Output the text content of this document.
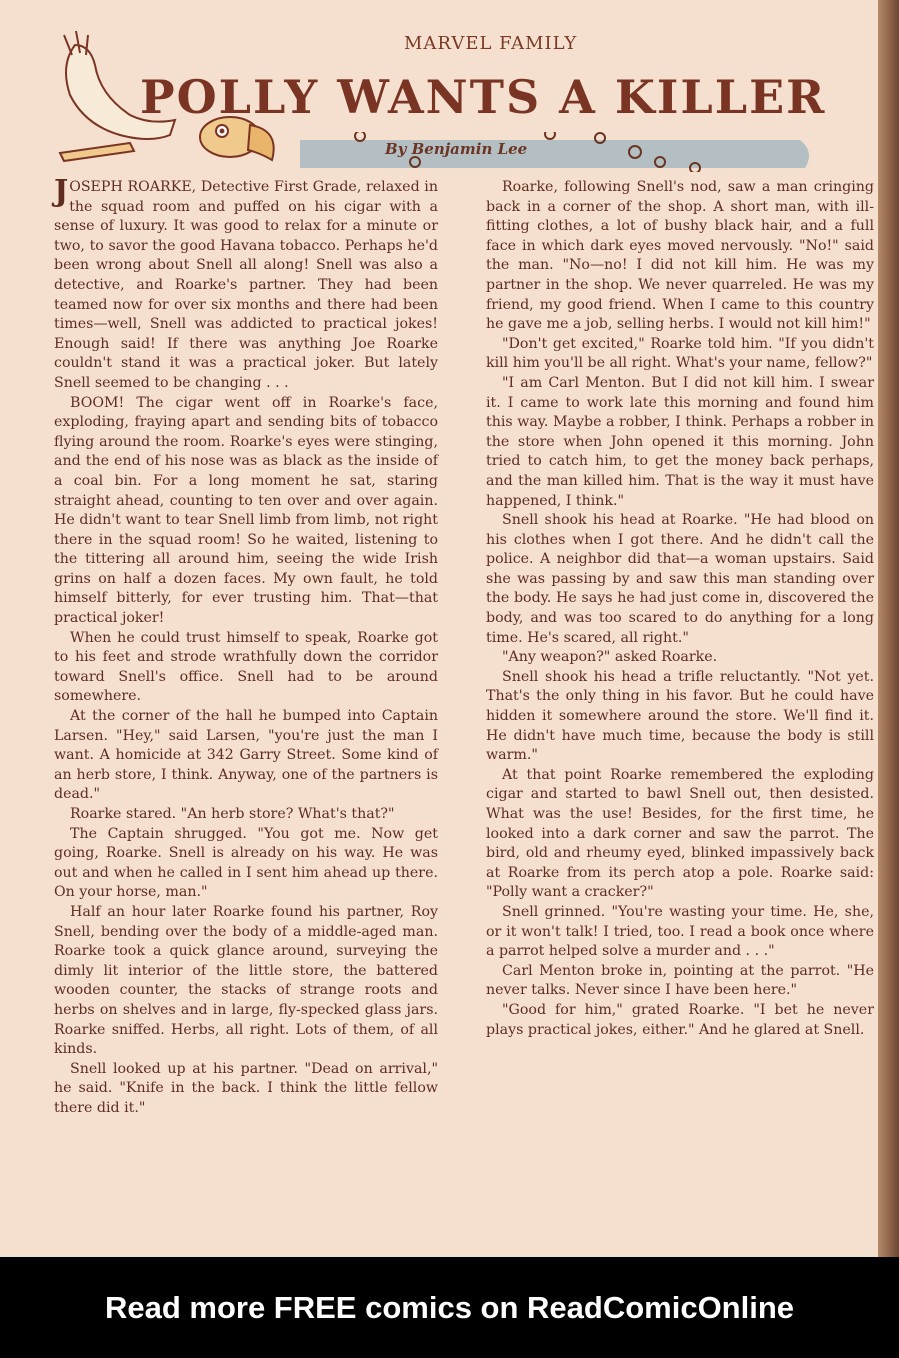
MARVEL FAMILY
POLLY WANTS A KILLER
By Benjamin Lee

JOSEPH ROARKE, Detective First Grade, relaxed in the squad room and puffed on his cigar with a sense of luxury. It was good to relax for a minute or two, to savor the good Havana tobacco. Perhaps he'd been wrong about Snell all along! Snell was also a detective, and Roarke's partner. They had been teamed now for over six months and there had been times—well, Snell was addicted to practical jokes! Enough said! If there was anything Joe Roarke couldn't stand it was a practical joker. But lately Snell seemed to be changing . . .

BOOM! The cigar went off in Roarke's face, exploding, fraying apart and sending bits of tobacco flying around the room. Roarke's eyes were stinging, and the end of his nose was as black as the inside of a coal bin. For a long moment he sat, staring straight ahead, counting to ten over and over again. He didn't want to tear Snell limb from limb, not right there in the squad room! So he waited, listening to the tittering all around him, seeing the wide Irish grins on half a dozen faces. My own fault, he told himself bitterly, for ever trusting him. That—that practical joker!

When he could trust himself to speak, Roarke got to his feet and strode wrathfully down the corridor toward Snell's office. Snell had to be around somewhere.

At the corner of the hall he bumped into Captain Larsen. "Hey," said Larsen, "you're just the man I want. A homicide at 342 Garry Street. Some kind of an herb store, I think. Anyway, one of the partners is dead."

Roarke stared. "An herb store? What's that?"

The Captain shrugged. "You got me. Now get going, Roarke. Snell is already on his way. He was out and when he called in I sent him ahead up there. On your horse, man."

Half an hour later Roarke found his partner, Roy Snell, bending over the body of a middle-aged man. Roarke took a quick glance around, surveying the dimly lit interior of the little store, the battered wooden counter, the stacks of strange roots and herbs on shelves and in large, fly-specked glass jars. Roarke sniffed. Herbs, all right. Lots of them, of all kinds.

Snell looked up at his partner. "Dead on arrival," he said. "Knife in the back. I think the little fellow there did it."

Roarke, following Snell's nod, saw a man cringing back in a corner of the shop. A short man, with ill-fitting clothes, a lot of bushy black hair, and a full face in which dark eyes moved nervously. "No!" said the man. "No—no! I did not kill him. He was my partner in the shop. We never quarreled. He was my friend, my good friend. When I came to this country he gave me a job, selling herbs. I would not kill him!"

"Don't get excited," Roarke told him. "If you didn't kill him you'll be all right. What's your name, fellow?"

"I am Carl Menton. But I did not kill him. I swear it. I came to work late this morning and found him this way. Maybe a robber, I think. Perhaps a robber in the store when John opened it this morning. John tried to catch him, to get the money back perhaps, and the man killed him. That is the way it must have happened, I think."

Snell shook his head at Roarke. "He had blood on his clothes when I got there. And he didn't call the police. A neighbor did that—a woman upstairs. Said she was passing by and saw this man standing over the body. He says he had just come in, discovered the body, and was too scared to do anything for a long time. He's scared, all right."

"Any weapon?" asked Roarke.

Snell shook his head a trifle reluctantly. "Not yet. That's the only thing in his favor. But he could have hidden it somewhere around the store. We'll find it. He didn't have much time, because the body is still warm."

At that point Roarke remembered the exploding cigar and started to bawl Snell out, then desisted. What was the use! Besides, for the first time, he looked into a dark corner and saw the parrot. The bird, old and rheumy eyed, blinked impassively back at Roarke from its perch atop a pole. Roarke said: "Polly want a cracker?"

Snell grinned. "You're wasting your time. He, she, or it won't talk! I tried, too. I read a book once where a parrot helped solve a murder and . . ."

Carl Menton broke in, pointing at the parrot. "He never talks. Never since I have been here."

"Good for him," grated Roarke. "I bet he never plays practical jokes, either." And he glared at Snell.

Read more FREE comics on ReadComicOnline
